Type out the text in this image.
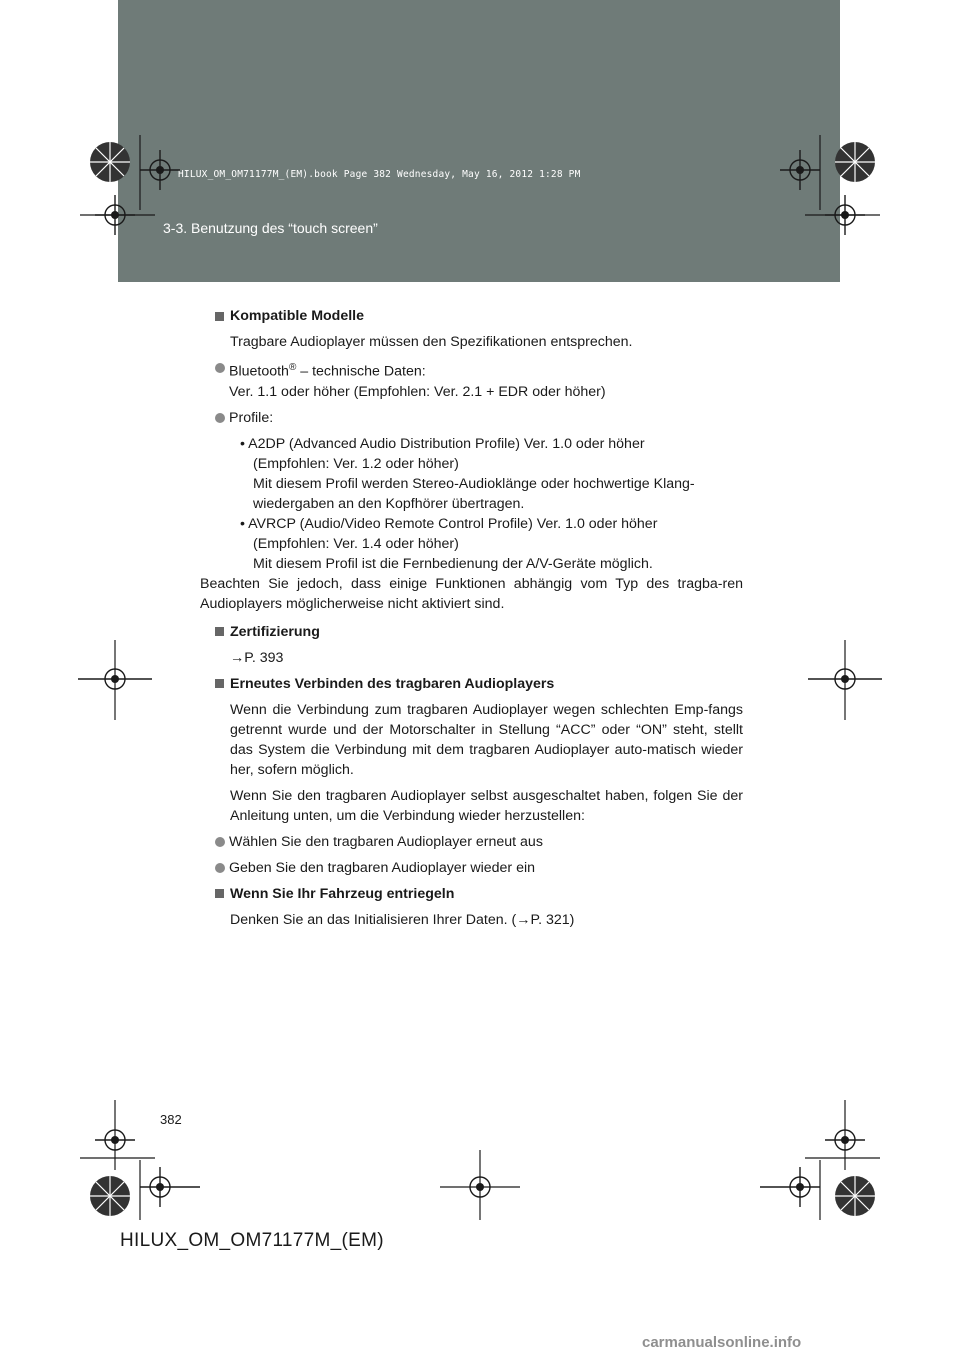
HILUX_OM_OM71177M_(EM).book Page 382 Wednesday, May 16, 2012 1:28 PM
3-3. Benutzung des “touch screen”

Kompatible Modelle

Tragbare Audioplayer müssen den Spezifikationen entsprechen.

Bluetooth® – technische Daten:
Ver. 1.1 oder höher (Empfohlen: Ver. 2.1 + EDR oder höher)
Profile:

• A2DP (Advanced Audio Distribution Profile) Ver. 1.0 oder höher

(Empfohlen: Ver. 1.2 oder höher)

Mit diesem Profil werden Stereo-Audioklänge oder hochwertige Klang-

wiedergaben an den Kopfhörer übertragen.

• AVRCP (Audio/Video Remote Control Profile) Ver. 1.0 oder höher

(Empfohlen: Ver. 1.4 oder höher)

Mit diesem Profil ist die Fernbedienung der A/V-Geräte möglich.

Beachten Sie jedoch, dass einige Funktionen abhängig vom Typ des tragba-ren Audioplayers möglicherweise nicht aktiviert sind.

Zertifizierung

→P. 393

Erneutes Verbinden des tragbaren Audioplayers

Wenn die Verbindung zum tragbaren Audioplayer wegen schlechten Emp-fangs getrennt wurde und der Motorschalter in Stellung “ACC” oder “ON” steht, stellt das System die Verbindung mit dem tragbaren Audioplayer auto-matisch wieder her, sofern möglich.

Wenn Sie den tragbaren Audioplayer selbst ausgeschaltet haben, folgen Sie der Anleitung unten, um die Verbindung wieder herzustellen:

Wählen Sie den tragbaren Audioplayer erneut aus
Geben Sie den tragbaren Audioplayer wieder ein

Wenn Sie Ihr Fahrzeug entriegeln

Denken Sie an das Initialisieren Ihrer Daten. (→P. 321)

382
HILUX_OM_OM71177M_(EM)
carmanualsonline.info
